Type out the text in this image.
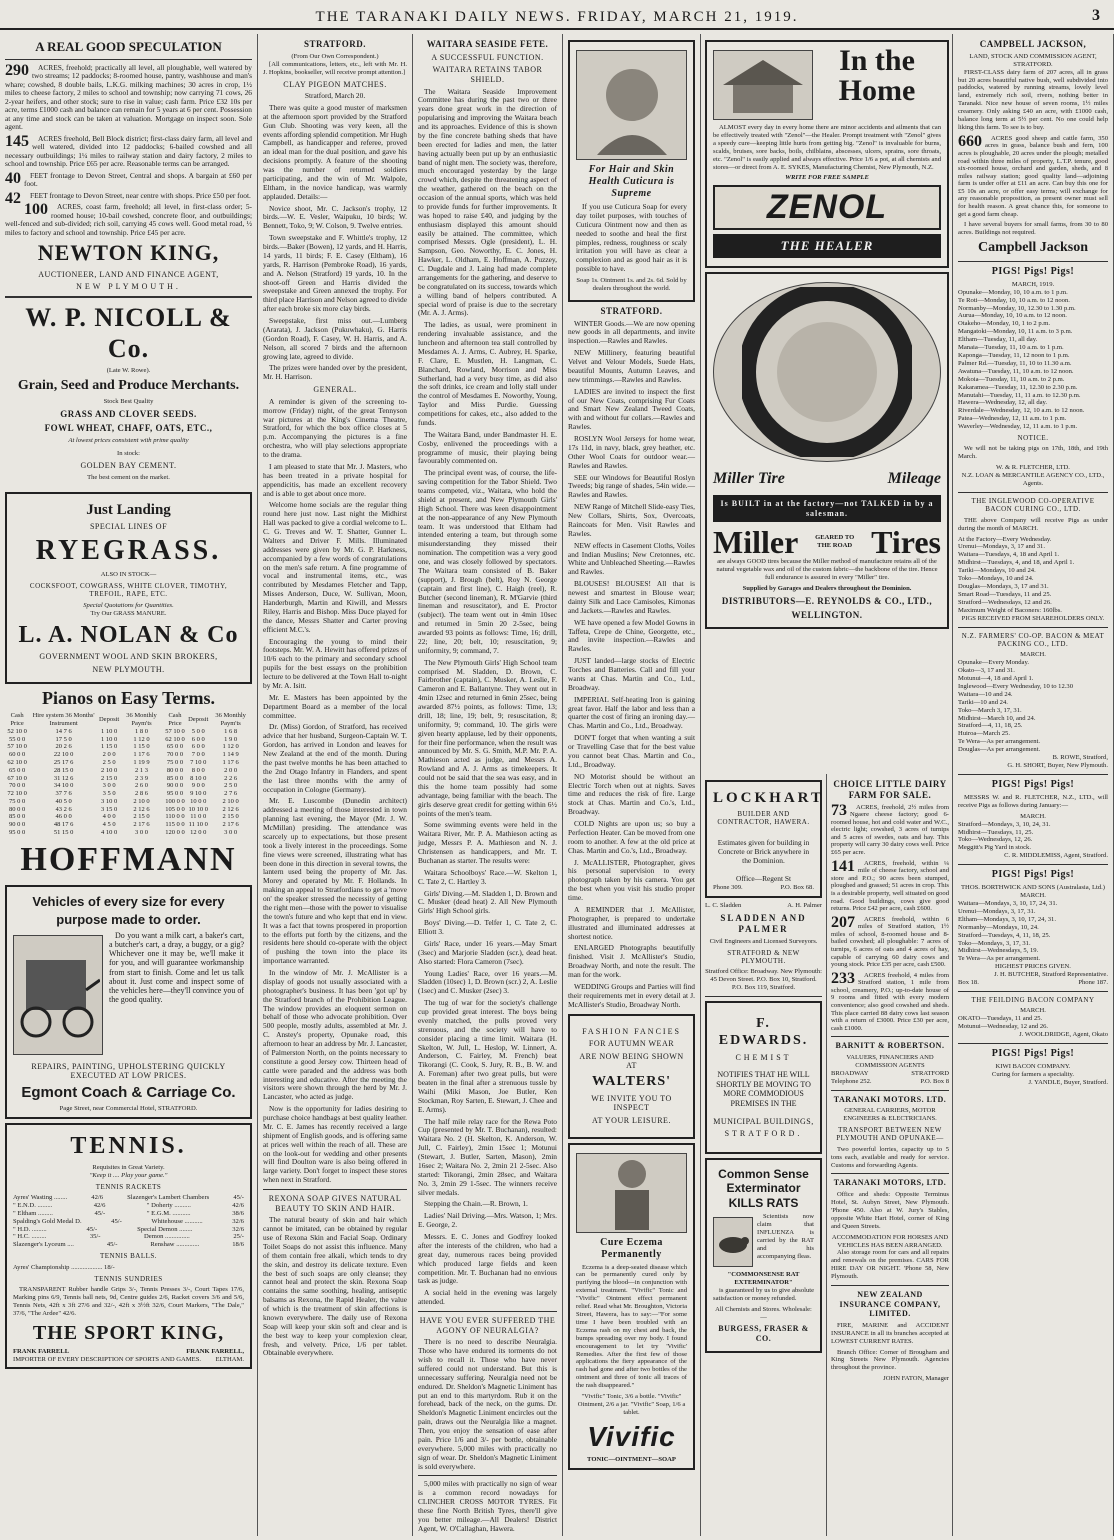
THE TARANAKI DAILY NEWS. FRIDAY, MARCH 21, 1919.	3
A REAL GOOD SPECULATION
290	ACRES, freehold; practically all level, all ploughable, well watered by two streams; 12 paddocks; 8-roomed house, pantry, washhouse and man's whare; cowshed, 8 double bails, L.K.G. milking machines; 30 acres in crop, 1½ miles to cheese factory, 2 miles to school and township; now carrying 71 cows, 26 2-year heifers, and other stock; sure to rise in value; cash farm. Price £32 10s per acre, terms £1000 cash and balance can remain for 5 years at 6 per cent. Possession at any time and stock can be taken at valuation. Mortgage on inspect soon. Sole agent.

145	ACRES freehold, Bell Block district; first-class dairy farm, all level and well watered, divided into 12 paddocks; 6-bailed cowshed and all necessary outbuildings; 1¼ miles to railway station and dairy factory, 2 miles to school and township. Price £65 per acre. Reasonable terms can be arranged.

40	FEET frontage to Devon Street, Central and shops. A bargain at £60 per foot.

42	FEET frontage to Devon Street, near centre with shops. Price £50 per foot.

100	ACRES, coast farm, freehold; all level, in first-class order; 5-roomed house; 10-bail cowshed, concrete floor, and outbuildings; well-fenced and sub-divided; rich soil, carrying 45 cows well. Good metal road, ½ miles to factory and school and township. Price £45 per acre.

NEWTON KING,
AUCTIONEER, LAND AND FINANCE AGENT,
NEW PLYMOUTH.
W. P. NICOLL & Co.
(Late W. Rowe).
Grain, Seed and Produce Merchants.
Stock Best Quality
GRASS AND CLOVER SEEDS.
FOWL WHEAT, CHAFF, OATS, ETC.,
At lowest prices consistent with prime quality
In stock:
GOLDEN BAY CEMENT.
The best cement on the market.
Just Landing
SPECIAL LINES OF
RYEGRASS.
ALSO IN STOCK—
COCKSFOOT, COWGRASS, WHITE CLOVER, TIMOTHY, TREFOIL, RAPE, ETC.
Special Quotations for Quantities.
Try Our GRASS MANURE.
L. A. NOLAN & Co
GOVERNMENT WOOL AND SKIN BROKERS,
NEW PLYMOUTH.
Pianos on Easy Terms.
Cash Price	Hire system 36 Months' Instrument	Deposit	36 Monthly Paym'ts	Cash Price	Deposit	36 Monthly Paym'ts
52 10 0	14 7 6	1 10 0	1 8 0	57 10 0	5 0 0	1 6 8
55 0 0	17 5 0	1 10 0	1 12 0	62 10 0	6 0 0	1 9 0
57 10 0	20 2 6	1 15 0	1 15 0	65 0 0	6 0 0	1 12 0
60 0 0	22 10 0	2 0 0	1 17 6	70 0 0	7 0 0	1 14 9
62 10 0	25 17 6	2 5 0	1 19 9	75 0 0	7 10 0	1 17 6
65 0 0	28 15 0	2 10 0	2 1 3	80 0 0	8 0 0	2 0 0
67 10 0	31 12 6	2 15 0	2 3 9	85 0 0	8 10 0	2 2 6
70 0 0	34 10 0	3 0 0	2 6 0	90 0 0	9 0 0	2 5 0
72 10 0	37 7 6	3 5 0	2 8 6	95 0 0	9 10 0	2 7 6
75 0 0	40 5 0	3 10 0	2 10 0	100 0 0	10 0 0	2 10 0
80 0 0	43 2 6	3 15 0	2 12 6	105 0 0	10 10 0	2 12 6
85 0 0	46 0 0	4 0 0	2 15 0	110 0 0	11 0 0	2 15 0
90 0 0	48 17 6	4 5 0	2 17 6	115 0 0	11 10 0	2 17 6
95 0 0	51 15 0	4 10 0	3 0 0	120 0 0	12 0 0	3 0 0
HOFFMANN
Vehicles of every size for every
purpose made to order.

Do you want a milk cart, a baker's cart, a butcher's cart, a dray, a buggy, or a gig? Whichever one it may be, we'll make it for you, and will guarantee workmanship from start to finish. Come and let us talk about it. Just come and inspect some of the vehicles here—they'll convince you of the good quality.

REPAIRS, PAINTING, UPHOLSTERING QUICKLY EXECUTED AT LOW PRICES.
Egmont Coach & Carriage Co.
Page Street, near Commercial Hotel, STRATFORD.
TENNIS.
Requisites in Great Variety.
"Keep it .... Play your game."
TENNIS RACKETS
Ayres' Wasting ........	42/6	Slazenger's Lambert Chambers	45/-
" E.N.D. .........	42/6	" Doherty ..........	42/6
" Eltham .........	45/-	" E.G.M. ...........	38/6
Spalding's Gold Medal D.	45/-	Whitehouse ...........	32/6
" H.D. .........	45/-	Special Demon ........	32/6
" H.C. .........	35/-	Demon ...............	25/-
Slazenger's Lyceum ....	45/-	Renshaw ..............	18/6
TENNIS BALLS.
Ayres' Championship ................... 18/-
TENNIS SUNDRIES

TRANSPARENT Rubber handle Grips 3/-, Tennis Presses 3/-, Court Tapes 17/6, Marking pins 6/9, Tennis ball nets, 9d, Centre guides 2/6, Racket covers 3/6 and 5/6, Tennis Nets, 42ft x 3ft 27/6 and 32/-, 42ft x 3½ft 32/6, Court Markers, "The Dale," 37/6, "The Ardee" 42/6.

THE SPORT KING,
FRANK FARRELL	FRANK FARRELL,
IMPORTER OF EVERY DESCRIPTION OF SPORTS AND GAMES. ELTHAM.
STRATFORD.
(From Our Own Correspondent.)

[All communications, letters, etc., left with Mr. H. J. Hopkins, bookseller, will receive prompt attention.]

CLAY PIGEON MATCHES.

Stratford, March 20.

There was quite a good muster of marksmen at the afternoon sport provided by the Stratford Gun Club. Shooting was very keen, all the events affording splendid competition. Mr Hugh Campbell, as handicapper and referee, proved an ideal man for the dual position, and gave his decisions promptly. A feature of the shooting was the number of returned soldiers participating, and the win of Mr. Walpole, Eltham, in the novice handicap, was warmly applauded. Details:—

Novice shoot, Mr. C. Jackson's trophy, 12 birds.—W. E. Vesler, Waipuku, 10 birds; W. Bennett, Toko, 9; W. Colson, 9. Twelve entries.

Town sweepstake and F. Whittle's trophy, 12 birds.—Baker (Bowen), 12 yards, and H. Harris, 14 yards, 11 birds; F. E. Casey (Eltham), 16 yards, R. Harrison (Pembroke Road), 16 yards, and A. Nelson (Stratford) 19 yards, 10. In the shoot-off Green and Harris divided the sweepstake and Green annexed the trophy. For third place Harrison and Nelson agreed to divide after each broke six more clay birds.

Sweepstake, first miss out.—Lumberg (Ararata), J. Jackson (Pukuwhaku), G. Harris (Gordon Road), F. Casey, W. H. Harris, and A. Nelson, all scored 7 birds and the afternoon growing late, agreed to divide.

The prizes were handed over by the president, Mr. H. Harrison.

GENERAL.

A reminder is given of the screening to-morrow (Friday) night, of the great Tennyson war pictures at the King's Cinema Theatre, Stratford, for which the box office closes at 5 p.m. Accompanying the pictures is a fine orchestra, who will play selections appropriate to the drama.

I am pleased to state that Mr. J. Masters, who has been treated in a private hospital for appendicitis, has made an excellent recovery and is able to get about once more.

Welcome home socials are the regular thing round here just now. Last night the Midhirst Hall was packed to give a cordial welcome to L. C. G. Treves and W. T. Shatter, Gunner L. Walters and Driver F. Mills. Illuminated addresses were given by Mr. G. P. Harkness, accompanied by a few words of congratulations on the men's safe return. A fine programme of vocal and instrumental items, etc., was contributed by Mesdames Fletcher and Tapp, Misses Anderson, Duce, W. Sullivan, Moon, Handerburgh, Martin and Kiwill, and Messrs Riley, Harris and Bishop. Miss Duce played for the dance, Messrs Shatter and Carter proving efficient M.C.'s.

Encouraging the young to mind their footsteps. Mr. W. A. Hewitt has offered prizes of 10/6 each to the primary and secondary school pupils for the best essays on the prohibition lecture to be delivered at the Town Hall to-night by Mr. A. Isitt.

Mr. E. Masters has been appointed by the Department Board as a member of the local committee.

Dr. (Miss) Gordon, of Stratford, has received advice that her husband, Surgeon-Captain W. T. Gordon, has arrived in London and leaves for New Zealand at the end of the month. During the past twelve months he has been attached to the 2nd Otago Infantry in Flanders, and spent the last three months with the army of occupation in Cologne (Germany).

Mr. E. Luscombe (Dunedin architect) addressed a meeting of those interested in town planning last evening, the Mayor (Mr. J. W. McMillan) presiding. The attendance was scarcely up to expectations, but those present took a lively interest in the proceedings. Some fine views were screened, illustrating what has been done in this direction in several towns, the lantern used being the property of Mr. Jas. Morey and operated by Mr. F. Hollands. In making an appeal to Stratfordians to get a 'move on' the speaker stressed the necessity of getting the right men—those with the power to visualise the town's future and who kept that end in view. It was a fact that towns prospered in proportion to the efforts put forth by the citizens, and the residents here should co-operate with the object of pushing the town into the place its importance warranted.

In the window of Mr. J. McAllister is a display of goods not usually associated with a photographer's business. It has been 'got up' by the Stratford branch of the Prohibition League. The window provides an eloquent sermon on behalf of those who advocate prohibition. Over 500 people, mostly adults, assembled at Mr. J. C. Anstey's property, Opunake road, this afternoon to hear an address by Mr. J. Lancaster, of Palmerston North, on the points necessary to constitute a good Jersey cow. Thirteen head of cattle were paraded and the address was both interesting and educative. After the meeting the visitors were shown through the herd by Mr. J. Lancaster, who acted as judge.

Now is the opportunity for ladies desiring to purchase choice handbags at best quality leather. Mr. C. E. James has recently received a large shipment of English goods, and is offering same at prices well within the reach of all. These are on the look-out for wedding and other presents will find Doulton ware is also being offered in large variety. Don't forget to inspect these stores when next in Stratford.

REXONA SOAP GIVES NATURAL BEAUTY TO SKIN AND HAIR.

The natural beauty of skin and hair which cannot be imitated, can be obtained by regular use of Rexona Skin and Facial Soap. Ordinary Toilet Soaps do not assist this influence. Many of them contain free alkali, which tends to dry the skin, and destroy its delicate texture. Even the best of such soaps are only cleanse; they cannot heal and protect the skin. Rexona Soap contains the same soothing, healing, antiseptic balsams as Rexona, the Rapid Healer, the value of which is the treatment of skin affections is known everywhere. The daily use of Rexona Soap will keep your skin soft and clear and is the best way to keep your complexion clear, fresh, and velvety. Price, 1/6 per tablet. Obtainable everywhere.

WAITARA SEASIDE FETE.
A SUCCESSFUL FUNCTION.
WAITARA RETAINS TABOR SHIELD.

The Waitara Seaside Improvement Committee has during the past two or three years done great work in the direction of popularising and improving the Waitara beach and its approaches. Evidence of this is shown by the fine concrete bathing sheds that have been erected for ladies and men, the latter having actually been put up by an enthusiastic band of night men. The society was, therefore, much encouraged yesterday by the large crowd which, despite the threatening aspect of the weather, gathered on the beach on the occasion of the annual sports, which was held to provide funds for further improvements. It was hoped to raise £40, and judging by the enthusiasm displayed this amount should easily be attained. The committee, which comprised Messrs. Ogle (president), L. H. Sampson, Geo. Noworthy, E. C. Jones, H. Hawker, L. Oldham, E. Hoffman, A. Puzzey, C. Dugdale and J. Laing had made complete arrangements for the gathering, and deserve to be congratulated on its success, towards which a willing band of helpers contributed. A special word of praise is due to the secretary (Mr. A. J. Arms).

The ladies, as usual, were prominent in rendering invaluable assistance, and the luncheon and afternoon tea stall controlled by Mesdames A. J. Arms, C. Aubrey, H. Sparke, F. Clare, E. Mustlen, H. Langman, C. Blanchard, Rowland, Morrison and Miss Sutherland, had a very busy time, as did also the soft drinks, ice cream and lolly stall under the control of Mesdames E. Noworthy, Young, Taylor and Miss Purdie. Guessing competitions for cakes, etc., also added to the funds.

The Waitara Band, under Bandmaster H. E. Cosby, enlivened the proceedings with a programme of music, their playing being favourably commented on.

The principal event was, of course, the life-saving competition for the Tabor Shield. Two teams competed, viz., Waitara, who hold the shield at present, and New Plymouth Girls' High School. There was keen disappointment at the non-appearance of any New Plymouth team. It was understood that Eltham had intended entering a team, but through some misunderstanding they missed their nomination. The competition was a very good one, and was closely followed by spectators. The Waitara team consisted of B. Baker (support), J. Brough (belt), Roy N. George (captain and first line), C. Haigh (reel), R. Butcher (second lineman), R. M'Garvie (third lineman and resuscitator), and E. Proctor (subject). The team went out in 4min 10sec and returned in 5min 20 2-5sec, being awarded 93 points as follows: Time, 16; drill, 22; line, 20; belt, 10; resuscitation, 9; uniformity, 9; command, 7.

The New Plymouth Girls' High School team comprised M. Sladden, D. Brown, C. Fairbrother (captain), C. Musker, A. Leslie, F. Cameron and E. Ballantyne. They went out in 4min 12sec and returned in 6min 25sec, being awarded 87½ points, as follows: Time, 13; drill, 18; line, 19; belt, 9; resuscitation, 8; uniformity, 9; command, 10. The girls were given hearty applause, led by their opponents, for their fine performance, when the result was announced by Mr. S. G. Smith, M.P. Mr. P. A. Mathieson acted as judge, and Messrs A. Rowland and A. J. Arms as timekeepers. It could not be said that the sea was easy, and in this the home team possibly had some advantage, being familiar with the beach. The girls deserve great credit for getting within 6½ points of the men's team.

Some swimming events were held in the Waitara River, Mr. P. A. Mathieson acting as judge, Messrs P. A. Mathieson and N. J. Christensen as handicappers, and Mr. T. Buchanan as starter. The results were:

Waitara Schoolboys' Race.—W. Skelton 1, C. Tate 2, C. Hartley 3.

Girls' Diving.—M. Sladden 1, D. Brown and C. Musker (dead heat) 2. All New Plymouth Girls' High School girls.

Boys' Diving.—D. Telfer 1, C. Tate 2, C. Elliott 3.

Girls' Race, under 16 years.—May Smart (3sec) and Marjorie Sladden (scr.), dead heat. Also started: Flora Cameron (7sec).

Young Ladies' Race, over 16 years.—M. Sladden (10sec) 1, D. Brown (scr.) 2, A. Leslie (1sec) and C. Musker (2sec) 3.

The tug of war for the society's challenge cup provided great interest. The boys being evenly matched, the pulls proved very strenuous, and the society will have to consider placing a time limit. Waitara (H. Skelton, W. Jull, L. Heslop, W. Linnert, A. Anderson, C. Fairley, M. French) beat Tikorangi (C. Cook, S. Jury, R. B., B. W. and A. Foreman) after two great pulls, but were beaten in the final after a strenuous tussle by Waihi (Miki Mason, Joe Butler, Ken Stockman, Roy Sarten, E. Stewart, J. Chee and E. Arms).

The half mile relay race for the Rewa Poto Cup (presented by Mr. T. Buchanan), resulted: Waitara No. 2 (H. Skelton, K. Anderson, W. Jull, C. Fairley), 2min 15sec 1; Motunui (Stewart, J. Butler, Sarten, Mason), 2min 16sec 2; Waitara No. 2, 2min 21 2-5sec. Also started: Tikorangi, 2min 28sec, and Waitara No. 3, 2min 29 1-5sec. The winners receive silver medals.

Stepping the Chain.—R. Brown, 1.

Ladies' Nail Driving.—Mrs. Watson, 1; Mrs. E. George, 2.

Messrs. E. C. Jones and Godfrey looked after the interests of the children, who had a great day, numerous races being provided which produced large fields and keen competition. Mr. T. Buchanan had no envious task as judge.

A social held in the evening was largely attended.

HAVE YOU EVER SUFFERED THE AGONY OF NEURALGIA?

There is no need to describe Neuralgia. Those who have endured its torments do not wish to recall it. Those who have never suffered could not understand. But this is unnecessary suffering. Neuralgia need not be endured. Dr. Sheldon's Magnetic Liniment has put an end to this martyrdom. Rub it on the forehead, back of the neck, on the gums. Dr. Sheldon's Magnetic Liniment encircles out the pain, draws out the Neuralgia like a magnet. Then, you enjoy the sensation of ease after pain. Price 1/6 and 3/- per bottle, obtainable everywhere. 5,000 miles with practically no sign of wear. Dr. Sheldon's Magnetic Liniment is sold everywhere.

5,000 miles with practically no sign of wear is a common record nowadays for CLINCHER CROSS MOTOR TYRES. Fit these fine North British Tyres, there'll give you better mileage.—All Dealers! District Agent, W. O'Callaghan, Hawera.

For Hair and Skin Health Cuticura is Supreme

If you use Cuticura Soap for every day toilet purposes, with touches of Cuticura Ointment now and then as needed to soothe and heal the first pimples, redness, roughness or scaly irritation you will have as clear a complexion and as good hair as it is possible to have.

Soap 1s. Ointment 1s. and 2s. 6d. Sold by dealers throughout the world.

STRATFORD.

WINTER Goods.—We are now opening new goods in all departments, and invite inspection.—Rawles and Rawles.

NEW Millinery, featuring beautiful Velvet and Velour Models, Suede Hats, beautiful Mounts, Autumn Leaves, and new trimmings.—Rawles and Rawles.

LADIES are invited to inspect the first of our New Coats, comprising Fur Coats and Smart New Zealand Tweed Coats, with and without fur collars.—Rawles and Rawles.

ROSLYN Wool Jerseys for home wear, 17s 11d, in navy, black, grey heather, etc. Other Wool Coats for outdoor wear.—Rawles and Rawles.

SEE our Windows for Beautiful Roslyn Tweeds; big range of shades, 54in wide.—Rawles and Rawles.

NEW Range of Mitchell Slide-easy Ties, New Collars, Shirts, Sox, Overcoats, Raincoats for Men. Visit Rawles and Rawles.

NEW effects in Casement Cloths, Voiles and Indian Muslins; New Cretonnes, etc. White and Unbleached Sheeting.—Rawles and Rawles.

BLOUSES! BLOUSES! All that is newest and smartest in Blouse wear; dainty Silk and Lace Camisoles, Kimonas and Jackets.—Rawles and Rawles.

WE have opened a few Model Gowns in Taffeta, Crepe de Chine, Georgette, etc., and invite inspection.—Rawles and Rawles.

JUST landed—large stocks of Electric Torches and Batteries. Call and fill your wants at Chas. Martin and Co., Ltd., Broadway.

IMPERIAL Self-heating Iron is gaining great favor. Half the labor and less than a quarter the cost of firing an ironing day.—Chas. Martin and Co., Ltd., Broadway.

DON'T forget that when wanting a suit or Travelling Case that for the best value you cannot beat Chas. Martin and Co., Ltd., Broadway.

NO Motorist should be without an Electric Torch when out at nights. Saves time and reduces the risk of fire. Large stock at Chas. Martin and Co.'s, Ltd., Broadway.

COLD Nights are upon us; so buy a Perfection Heater. Can be moved from one room to another. A few at the old price at Chas. Martin and Co.'s, Ltd., Broadway.

J. McALLISTER, Photographer, gives his personal supervision to every photograph taken by his camera. You get the best when you visit his studio proper time.

A REMINDER that J. McAllister, Photographer, is prepared to undertake illustrated and illuminated addresses at shortest notice.

ENLARGED Photographs beautifully finished. Visit J. McAllister's Studio, Broadway North, and note the result. The man for the work.

WEDDING Groups and Parties will find their requirements met in every detail at J. McAllister's Studio, Broadway North.

FASHION FANCIES
FOR AUTUMN WEAR
ARE NOW BEING SHOWN AT
WALTERS'
WE INVITE YOU TO INSPECT
AT YOUR LEISURE.
Cure Eczema Permanently

Eczema is a deep-seated disease which can be permanently cured only by purifying the blood—in conjunction with external treatment. "Vivific" Tonic and "Vivific" Ointment effect permanent relief. Read what Mr. Broughton, Victoria Street, Hawera, has to say:—"For some time I have been troubled with an Eczema rash on my chest and back, the bumps spreading over my body. I found encouragement to let try 'Vivific' Remedies. After the first few of those applications the fiery appearance of the rash had gone and after two bottles of the ointment and three of tonic all traces of the rash disappeared."

"Vivific" Tonic, 3/6 a bottle. "Vivific" Ointment, 2/6 a jar. "Vivific" Soap, 1/6 a tablet.

Vivific
TONIC—OINTMENT—SOAP
In the
Home

ALMOST every day in every home there are minor accidents and ailments that can be effectively treated with "Zenol"—the Healer. Prompt treatment with "Zenol" gives a speedy cure—keeping little hurts from getting big. "Zenol" is invaluable for burns, scalds, bruises, sore backs, boils, chilblains, abscesses, ulcers, sprains, sore throats, etc. "Zenol" is easily applied and always effective. Price 1/6 a pot, at all chemists and stores—or direct from A. E. SYKES, Manufacturing Chemist, New Plymouth, N.Z.

WRITE FOR FREE SAMPLE
ZENOL
THE HEALER
Miller Tire	Mileage
Is BUILT in at the factory—not TALKED in by a salesman.
Miller	GEARED TO THE ROAD Tires

are always GOOD tires because the Miller method of manufacture retains all of the natural vegetable wax and oil of the custom fabric—the backbone of the tire. Hence full endurance is assured in every "Miller" tire.

Supplied by Garages and Dealers throughout the Dominion.
DISTRIBUTORS—E. REYNOLDS & CO., LTD.,
WELLINGTON.
LOCKHART
BUILDER AND CONTRACTOR, HAWERA.

Estimates given for building in Concrete or Brick anywhere in the Dominion.

Office—Regent St
Phone 309.	P.O. Box 68.
L. C. Sladden	A. H. Palmer
SLADDEN AND PALMER
Civil Engineers and Licensed Surveyors.
STRATFORD & NEW PLYMOUTH.

Stratford Office: Broadway. New Plymouth: 45 Devon Street. P.O. Box 10, Stratford. P.O. Box 119, Stratford.

F. EDWARDS.
CHEMIST

NOTIFIES THAT HE WILL SHORTLY BE MOVING TO MORE COMMODIOUS PREMISES IN THE

MUNICIPAL BUILDINGS,
STRATFORD.
Common Sense Exterminator KILLS RATS

Scientists now claim that INFLUENZA is carried by the RAT and his accompanying fleas.

"COMMONSENSE RAT EXTERMINATOR"

is guaranteed by us to give absolute satisfaction or money refunded.

All Chemists and Stores. Wholesale:—
BURGESS, FRASER & CO.
CHOICE LITTLE DAIRY FARM FOR SALE.
73	ACRES, freehold, 2½ miles from Ngaere cheese factory; good 6-roomed house, hot and cold water and W.C., electric light; cowshed, 3 acres of turnips and 5 acres of swedes, oats and hay. This property will carry 30 dairy cows well. Price £65 per acre.

141	ACRES, freehold, within ¼ mile of cheese factory, school and store and P.O.; 90 acres been stumped, ploughed and grassed; 51 acres in crop. This is a desirable property, well situated on good road. Good buildings, cows give good returns. Price £42 per acre, cash £600.

207	ACRES freehold, within 6 miles of Stratford station, 1½ miles of school, 8-roomed house and 8-bailed cowshed; all ploughable: 7 acres of turnips, 6 acres of oats and 4 acres of hay, capable of carrying 60 dairy cows and young stock. Price £35 per acre, cash £500.

233	ACRES freehold, 4 miles from Stratford station, 1 mile from school, creamery, P.O.; up-to-date house of 9 rooms and fitted with every modern convenience; also good cowshed and sheds. This place carried 88 dairy cows last season with a return of £3000. Price £30 per acre, cash £1000.

BARNITT & ROBERTSON.
VALUERS, FINANCIERS AND COMMISSION AGENTS
BROADWAY	STRATFORD
Telephone 252.	P.O. Box 8
TARANAKI MOTORS. LTD.
GENERAL CARRIERS, MOTOR ENGINEERS & ELECTRICIANS.
TRANSPORT BETWEEN NEW PLYMOUTH AND OPUNAKE—

Two powerful lorries, capacity up to 5 tons each, available and ready for service. Customs and forwarding Agents.

TARANAKI MOTORS, LTD.

Office and sheds: Opposite Terminus Hotel, St. Aubyn Street, New Plymouth. 'Phone 450. Also at W. Jury's Stables, opposite White Hart Hotel, corner of King and Queen Streets.

ACCOMMODATION FOR HORSES AND VEHICLES HAS BEEN ARRANGED.

Also storage room for cars and all repairs and renewals on the premises. CARS FOR HIRE DAY OR NIGHT. 'Phone 58, New Plymouth.

NEW ZEALAND INSURANCE COMPANY, LIMITED.

FIRE, MARINE and ACCIDENT INSURANCE in all its branches accepted at LOWEST CURRENT RATES.

Branch Office: Corner of Brougham and King Streets New Plymouth. Agencies throughout the province.

JOHN FATON, Manager
CAMPBELL JACKSON,
LAND, STOCK AND COMMISSION AGENT, STRATFORD.

FIRST-CLASS dairy farm of 207 acres, all in grass but 20 acres beautiful native bush, well subdivided into paddocks, watered by running streams, lovely level land, extremely rich soil, rivers, nothing better in Taranaki. Nice new house of seven rooms, 1½ miles creamery. Only asking £40 an acre, with £1000 cash, balance long term at 5½ per cent. No one could help liking this farm. To see is to buy.

660	ACRES good sheep and cattle farm, 350 acres in grass, balance bush and fern, 100 acres is ploughable, 20 acres under the plough; metalled road within three miles of property, L.T.P. tenure, good six-roomed house, orchard and garden, sheds, and 8 miles railway station; good quality land—adjoining farm is under offer at £11 an acre. Can buy this one for £5 10s an acre, or offer easy terms; will exchange for any reasonable proposition, as present owner must sell for health reason. A great chance this, for someone to get a good farm cheap.

I have several buyers for small farms, from 30 to 80 acres. Buildings not required.

Campbell Jackson
PIGS! Pigs! Pigs!
MARCH, 1919.
Opunake—Monday, 10, 10 a.m. to 1 p.m.
Te Roti—Monday, 10, 10 a.m. to 12 noon.
Normanby—Monday, 10, 12.30 to 1.30 p.m.
Aurua—Monday, 10, 10 a.m. to 12 noon.
Otakeho—Monday, 10, 1 to 2 p.m.
Mangatoki—Monday, 10, 11 a.m. to 3 p.m.
Eltham—Tuesday, 11, all day.
Manaia—Tuesday, 11, 10 a.m. to 1 p.m.
Kaponga—Tuesday, 11, 12 noon to 1 p.m.
Palmer Rd.—Tuesday, 11, 10 to 11.30 a.m.
Awatuna—Tuesday, 11, 10 a.m. to 12 noon.
Mokoia—Tuesday, 11, 10 a.m. to 2 p.m.
Kakaramea—Tuesday, 11, 12.30 to 2.30 p.m.
Manutahi—Tuesday, 11, 11 a.m. to 12.30 p.m.
Hawera—Wednesday, 12, all day.
Riverdale—Wednesday, 12, 10 a.m. to 12 noon.
Patea—Wednesday, 12, 11 a.m. to 1 p.m.
Waverley—Wednesday, 12, 11 a.m. to 1 p.m.
NOTICE.

We will not be taking pigs on 17th, 18th, and 19th March.

W. & R. FLETCHER, LTD.
N.Z. LOAN & MERCANTILE AGENCY CO., LTD.,
Agents.
THE INGLEWOOD CO-OPERATIVE BACON CURING CO., LTD.

THE above Company will receive Pigs as under during the month of MARCH.

At the Factory—Every Wednesday.
Urenui—Mondays, 3, 17 and 31.
Waitara—Tuesdays, 4, 18 and April 1.
Midhirst—Tuesdays, 4, and 18, and April 1.
Tariki—Mondays, 10 and 24.
Toko—Mondays, 10 and 24.
Douglas—Mondays, 3, 17 and 31.
Smart Road—Tuesdays, 11 and 25.
Stratford—Wednesdays, 12 and 26.
Maximum Weight of Baconers: 160lbs.
PIGS RECEIVED FROM SHAREHOLDERS ONLY.
N.Z. FARMERS' CO-OP. BACON & MEAT PACKING CO., LTD.
MARCH.
Opunake—Every Monday.
Okato—3, 17 and 31.
Motunui—4, 18 and April 1.
Inglewood—Every Wednesday, 10 to 12.30
Waitara—10 and 24.
Tariki—10 and 24.
Toko—March 3, 17, 31.
Midhirst—March 10, and 24.
Stratford—4, 11, 18, 25.
Huiroa—March 25.
Te Wera—As per arrangement.
Douglas—As per arrangement.
B. ROWE, Stratford,
G. H. SHORT, Buyer, New Plymouth.
PIGS! Pigs! Pigs!

MESSRS W. and R. FLETCHER, N.Z., LTD., will receive Pigs as follows during January:—

MARCH.
Stratford—Mondays, 3, 10, 24, 31.
Midhirst—Tuesdays, 11, 25.
Toko—Wednesdays, 12, 26.
Meggitt's Pig Yard in stock.
C. R. MIDDLEMISS, Agent, Stratford.
PIGS! Pigs! Pigs!
THOS. BORTHWICK AND SONS (Australasia, Ltd.)
MARCH.
Waitara—Mondays, 3, 10, 17, 24, 31.
Urenui—Mondays, 3, 17, 31.
Eltham—Mondays, 3, 10, 17, 24, 31.
Normanby—Mondays, 10, 24.
Stratford—Tuesdays, 4, 11, 18, 25.
Toko—Mondays, 3, 17, 31.
Midhirst—Wednesdays, 5, 19.
Te Wera—As per arrangement.
HIGHEST PRICES GIVEN.
J. H. BUTCHER, Stratford Representative.
Box 18.	Phone 187.
THE FEILDING BACON COMPANY
MARCH.
OKATO—Tuesdays, 11 and 25.
Motunui—Wednesday, 12 and 26.
J. WOOLDRIDGE, Agent, Okato
PIGS! Pigs! Pigs!
KIWI BACON COMPANY.
Curing for farmers a speciality.
J. YANDLE, Buyer, Stratford.
